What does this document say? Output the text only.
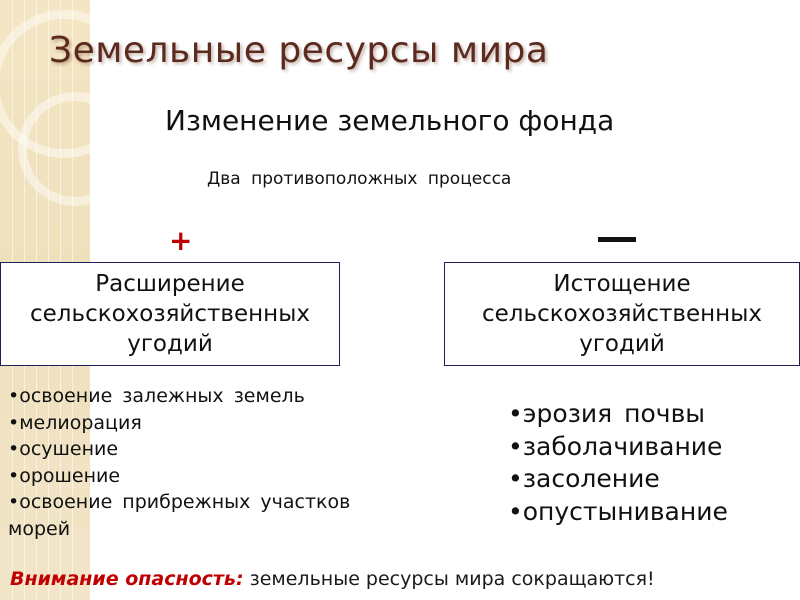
Земельные ресурсы мира
Изменение земельного фонда
Два противоположных процесса
+
Расширение сельскохозяйственных угодий
Истощение сельскохозяйственных угодий
• освоение залежных земель
• мелиорация
• осушение
• орошение
• освоение прибрежных участков морей
• эрозия почвы
• заболачивание
• засоление
• опустынивание
Внимание опасность: земельные ресурсы мира сокращаются!
